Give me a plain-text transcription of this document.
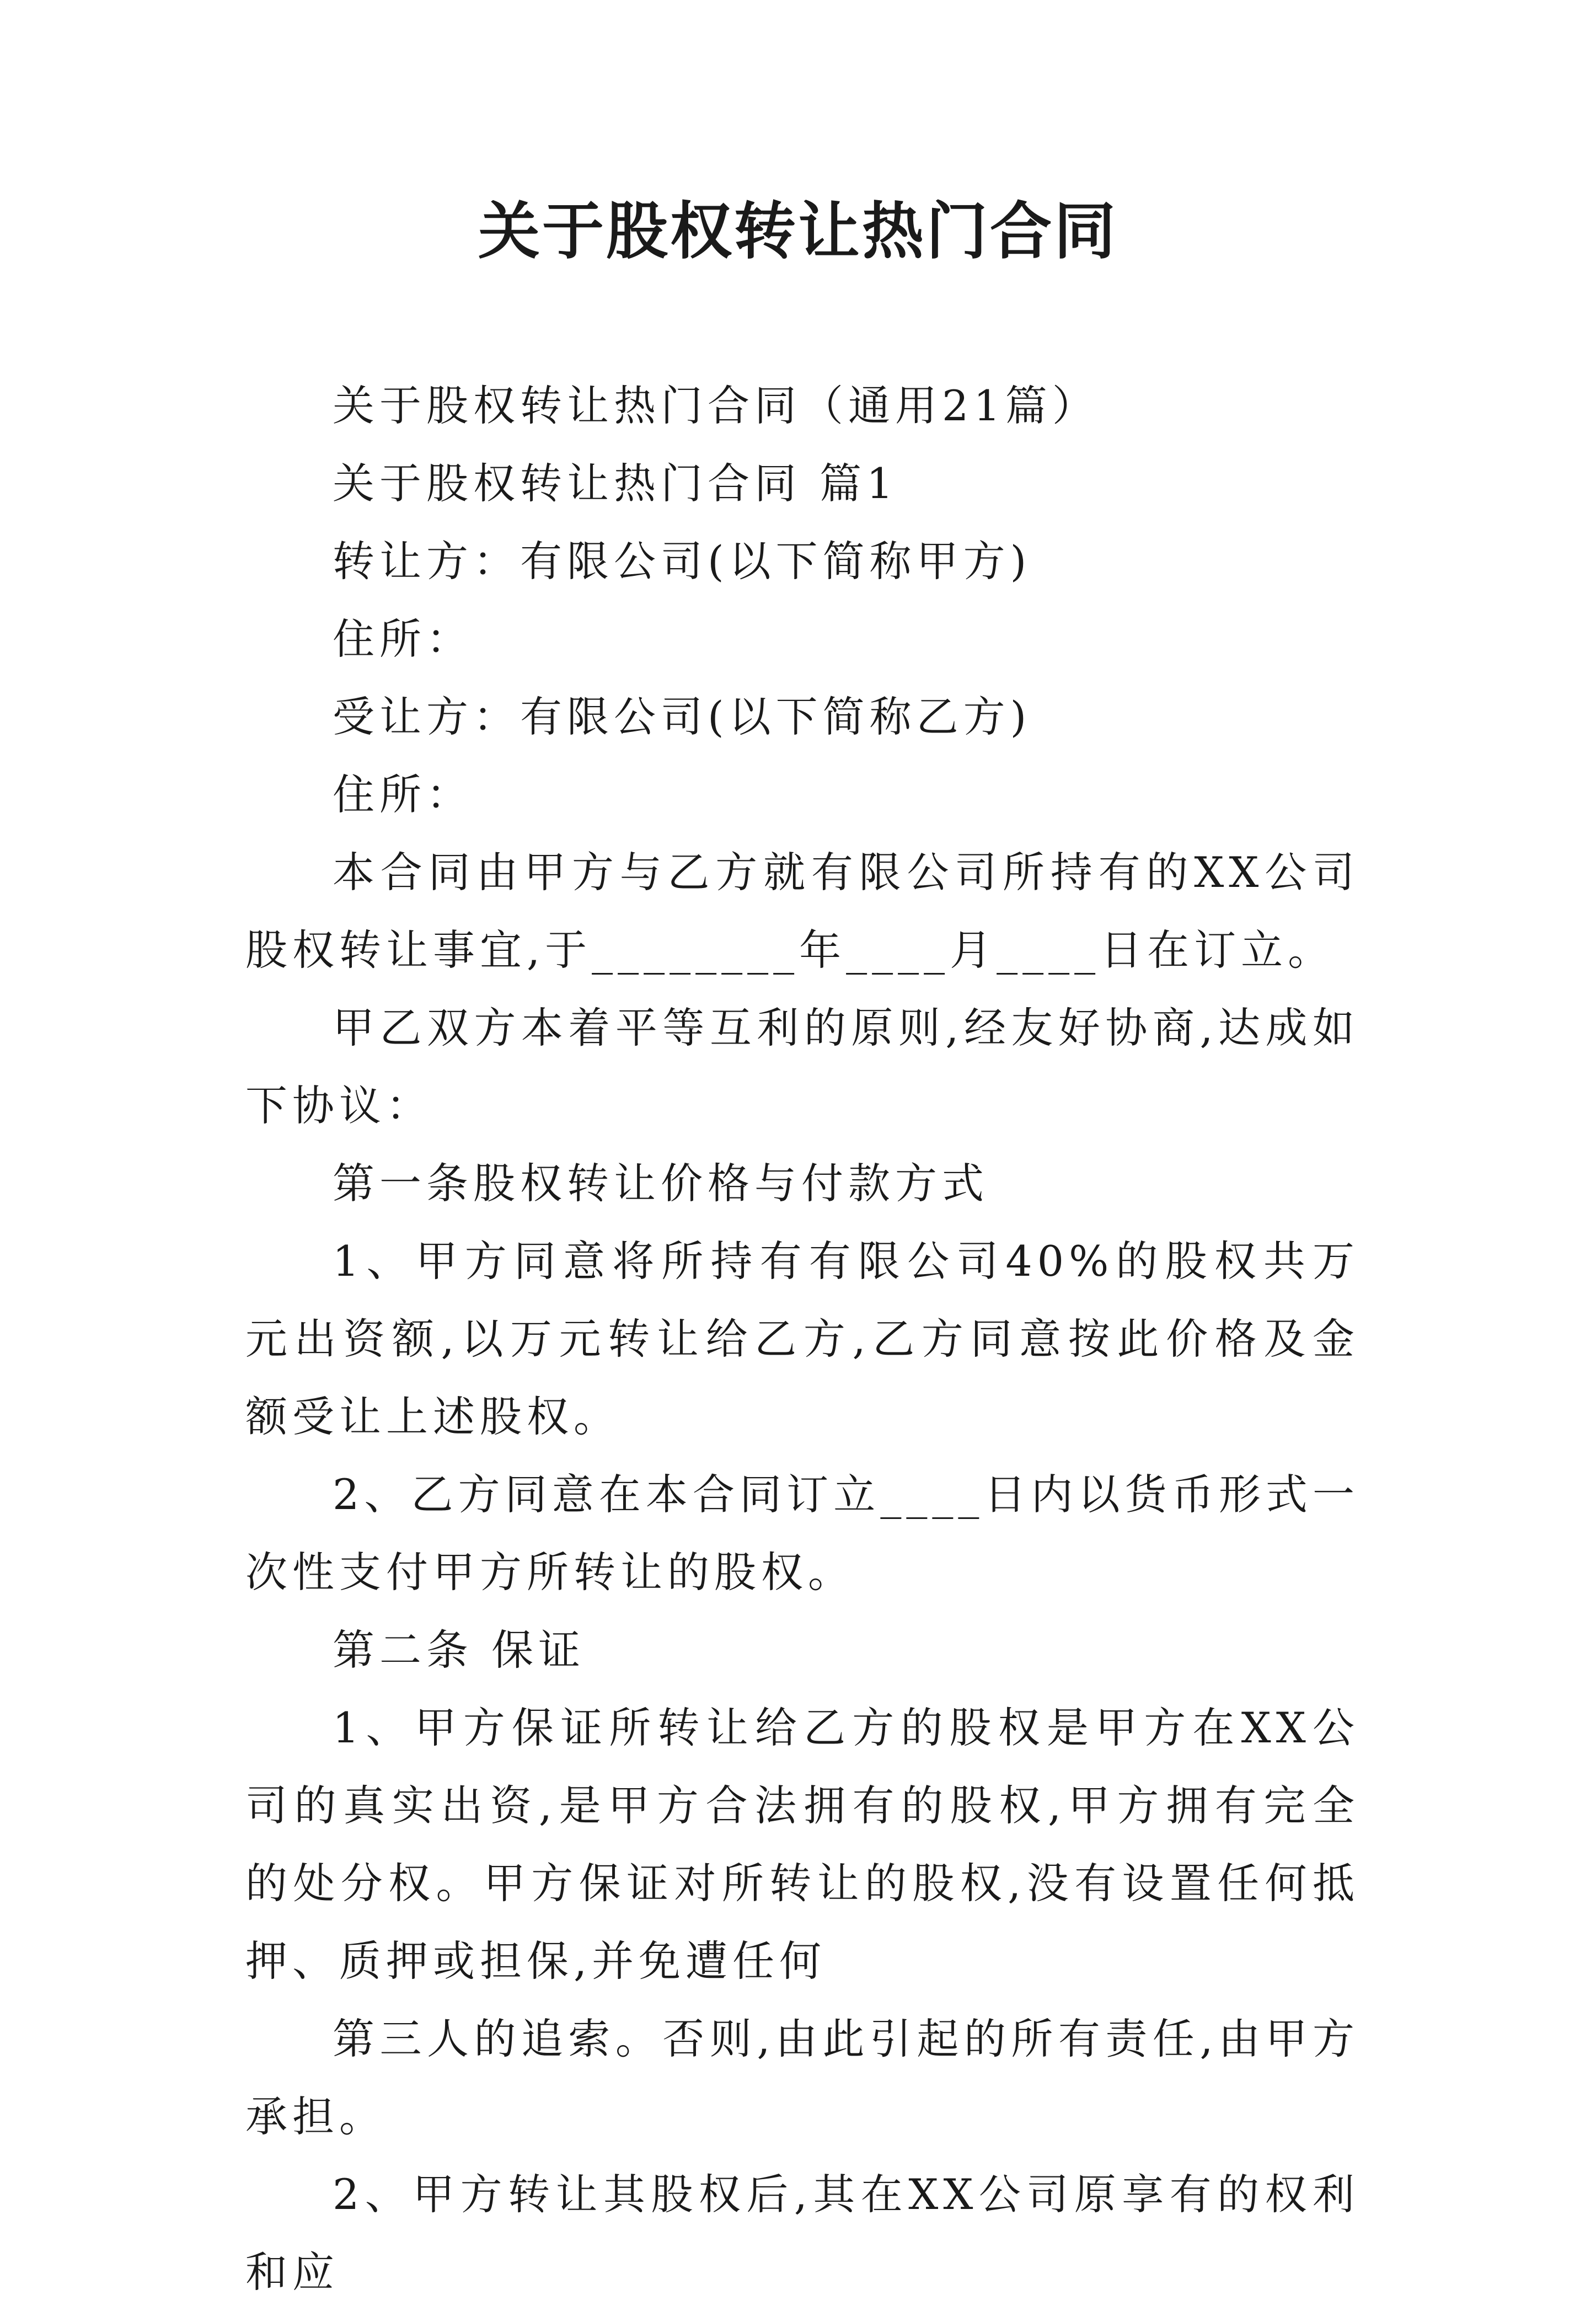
关于股权转让热门合同

关于股权转让热门合同（通用21篇）

关于股权转让热门合同 篇1

转让方：有限公司(以下简称甲方)

住所：

受让方：有限公司(以下简称乙方)

住所：

本合同由甲方与乙方就有限公司所持有的XX公司股权转让事宜,于________年____月____日在订立。

甲乙双方本着平等互利的原则,经友好协商,达成如下协议：

第一条股权转让价格与付款方式

1、甲方同意将所持有有限公司40%的股权共万元出资额,以万元转让给乙方,乙方同意按此价格及金额受让上述股权。

2、乙方同意在本合同订立____日内以货币形式一次性支付甲方所转让的股权。

第二条 保证

1、甲方保证所转让给乙方的股权是甲方在XX公司的真实出资,是甲方合法拥有的股权,甲方拥有完全的处分权。甲方保证对所转让的股权,没有设置任何抵押、质押或担保,并免遭任何

第三人的追索。否则,由此引起的所有责任,由甲方承担。

2、甲方转让其股权后,其在XX公司原享有的权利和应
